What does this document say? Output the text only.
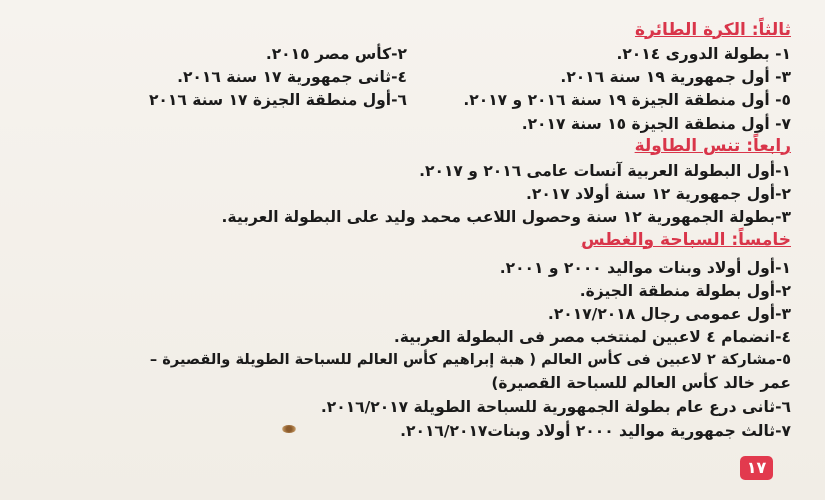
ثالثاً: الكرة الطائرة
١- بطولة الدورى ٢٠١٤.
٢-كأس مصر ٢٠١٥.
٣- أول جمهورية ١٩ سنة ٢٠١٦.
٤-ثانى جمهورية ١٧ سنة ٢٠١٦.
٥- أول منطقة الجيزة ١٩ سنة ٢٠١٦ و ٢٠١٧.
٦-أول منطقة الجيزة ١٧ سنة ٢٠١٦
٧- أول منطقة الجيزة ١٥ سنة ٢٠١٧.
رابعاً: تنس الطاولة
١-أول البطولة العربية آنسات عامى ٢٠١٦ و ٢٠١٧.
٢-أول جمهورية ١٢ سنة أولاد ٢٠١٧.
٣-بطولة الجمهورية ١٢ سنة وحصول اللاعب محمد وليد على البطولة العربية.
خامساً: السباحة والغطس
١-أول أولاد وبنات مواليد ٢٠٠٠ و ٢٠٠١.
٢-أول بطولة منطقة الجيزة.
٣-أول عمومى رجال ٢٠١٧/٢٠١٨.
٤-انضمام ٤ لاعبين لمنتخب مصر فى البطولة العربية.
٥-مشاركة ٢ لاعبين فى كأس العالم ( هبة إبراهيم كأس العالم للسباحة الطويلة والقصيرة –
عمر خالد كأس العالم للسباحة القصيرة)
٦-ثانى درع عام بطولة الجمهورية للسباحة الطويلة ٢٠١٦/٢٠١٧.
٧-ثالث جمهورية مواليد ٢٠٠٠ أولاد وبنات٢٠١٦/٢٠١٧.
١٧
